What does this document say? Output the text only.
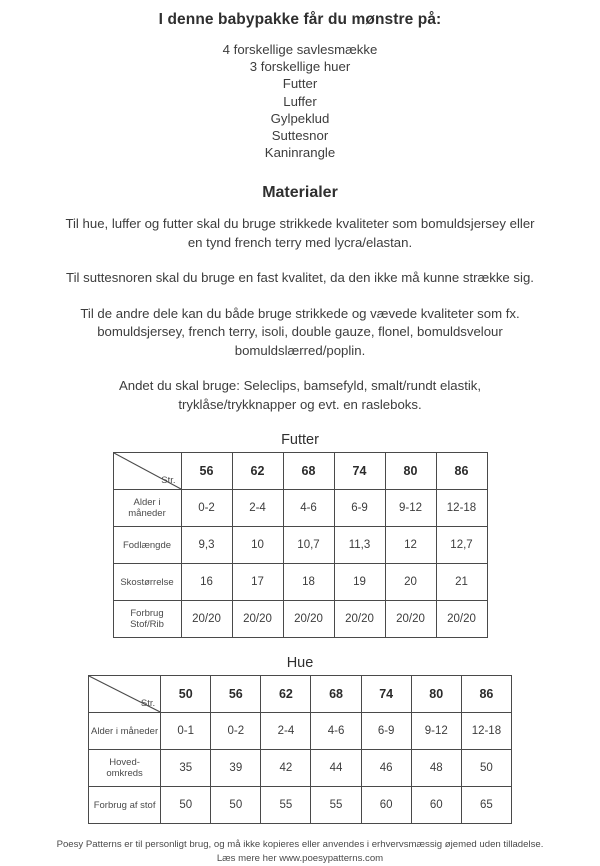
I denne babypakke får du mønstre på:
4 forskellige savlesmække
3 forskellige huer
Futter
Luffer
Gylpeklud
Suttesnor
Kaninrangle
Materialer

Til hue, luffer og futter skal du bruge strikkede kvaliteter som bomuldsjersey eller en tynd french terry med lycra/elastan.

Til suttesnoren skal du bruge en fast kvalitet, da den ikke må kunne strække sig.

Til de andre dele kan du både bruge strikkede og vævede kvaliteter som fx. bomuldsjersey, french terry, isoli, double gauze, flonel, bomuldsvelour bomuldslærred/poplin.

Andet du skal bruge: Seleclips, bamsefyld, smalt/rundt elastik, tryklåse/trykknapper og evt. en rasleboks.

Futter
Str.	56	62	68	74	80	86
Alder i måneder	0-2	2-4	4-6	6-9	9-12	12-18
Fodlængde	9,3	10	10,7	11,3	12	12,7
Skostørrelse	16	17	18	19	20	21
Forbrug Stof/Rib	20/20	20/20	20/20	20/20	20/20	20/20
Hue
Str.	50	56	62	68	74	80	86
Alder i måneder	0-1	0-2	2-4	4-6	6-9	9-12	12-18
Hoved- omkreds	35	39	42	44	46	48	50
Forbrug af stof	50	50	55	55	60	60	65
Poesy Patterns er til personligt brug, og må ikke kopieres eller anvendes i erhvervsmæssig øjemed uden tilladelse.
Læs mere her www.poesypatterns.com
